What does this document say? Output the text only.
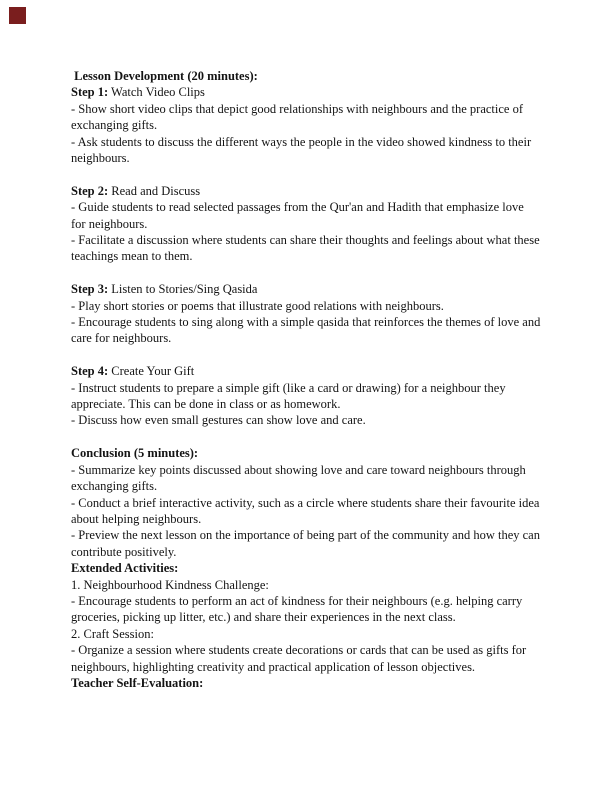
Lesson Development (20 minutes):

Step 1: Watch Video Clips

- Show short video clips that depict good relationships with neighbours and the practice of exchanging gifts.

- Ask students to discuss the different ways the people in the video showed kindness to their neighbours.

Step 2: Read and Discuss

- Guide students to read selected passages from the Qur'an and Hadith that emphasize love for neighbours.

- Facilitate a discussion where students can share their thoughts and feelings about what these teachings mean to them.

Step 3: Listen to Stories/Sing Qasida

- Play short stories or poems that illustrate good relations with neighbours.

- Encourage students to sing along with a simple qasida that reinforces the themes of love and care for neighbours.

Step 4: Create Your Gift

- Instruct students to prepare a simple gift (like a card or drawing) for a neighbour they appreciate. This can be done in class or as homework.

- Discuss how even small gestures can show love and care.

Conclusion (5 minutes):

- Summarize key points discussed about showing love and care toward neighbours through exchanging gifts.

- Conduct a brief interactive activity, such as a circle where students share their favourite idea about helping neighbours.

- Preview the next lesson on the importance of being part of the community and how they can contribute positively.

Extended Activities:

1. Neighbourhood Kindness Challenge:

- Encourage students to perform an act of kindness for their neighbours (e.g. helping carry groceries, picking up litter, etc.) and share their experiences in the next class.

2. Craft Session:

- Organize a session where students create decorations or cards that can be used as gifts for neighbours, highlighting creativity and practical application of lesson objectives.

Teacher Self-Evaluation:
